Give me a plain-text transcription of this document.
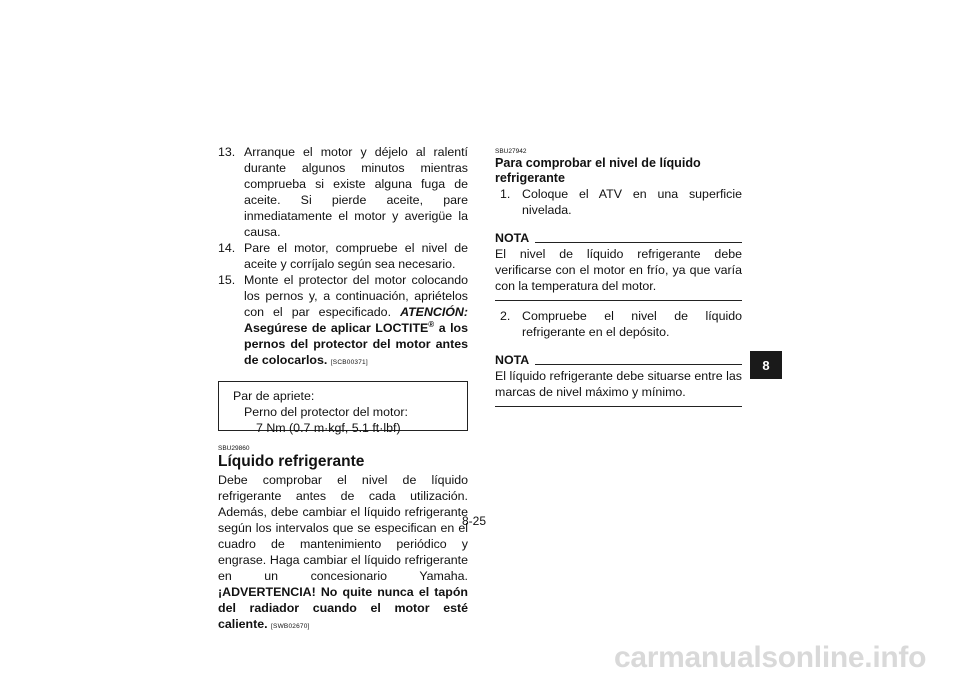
13. Arranque el motor y déjelo al ralentí durante algunos minutos mientras comprueba si existe alguna fuga de aceite. Si pierde aceite, pare inmediatamente el motor y averigüe la causa.
14. Pare el motor, compruebe el nivel de aceite y corríjalo según sea necesario.
15. Monte el protector del motor colocando los pernos y, a continuación, apriételos con el par especificado. ATENCIÓN: Asegúrese de aplicar LOCTITE® a los pernos del protector del motor antes de colocarlos. [SCB00371]
Par de apriete:
Perno del protector del motor:
7 Nm (0.7 m·kgf, 5.1 ft·lbf)
SBU29860
Líquido refrigerante
Debe comprobar el nivel de líquido refrigerante antes de cada utilización. Además, debe cambiar el líquido refrigerante según los intervalos que se especifican en el cuadro de mantenimiento periódico y engrase. Haga cambiar el líquido refrigerante en un concesionario Yamaha. ¡ADVERTENCIA! No quite nunca el tapón del radiador cuando el motor esté caliente. [SWB02670]
SBU27942
Para comprobar el nivel de líquido refrigerante
1. Coloque el ATV en una superficie nivelada.
NOTA
El nivel de líquido refrigerante debe verificarse con el motor en frío, ya que varía con la temperatura del motor.
2. Compruebe el nivel de líquido refrigerante en el depósito.
NOTA
El líquido refrigerante debe situarse entre las marcas de nivel máximo y mínimo.
8
8-25
carmanualsonline.info
